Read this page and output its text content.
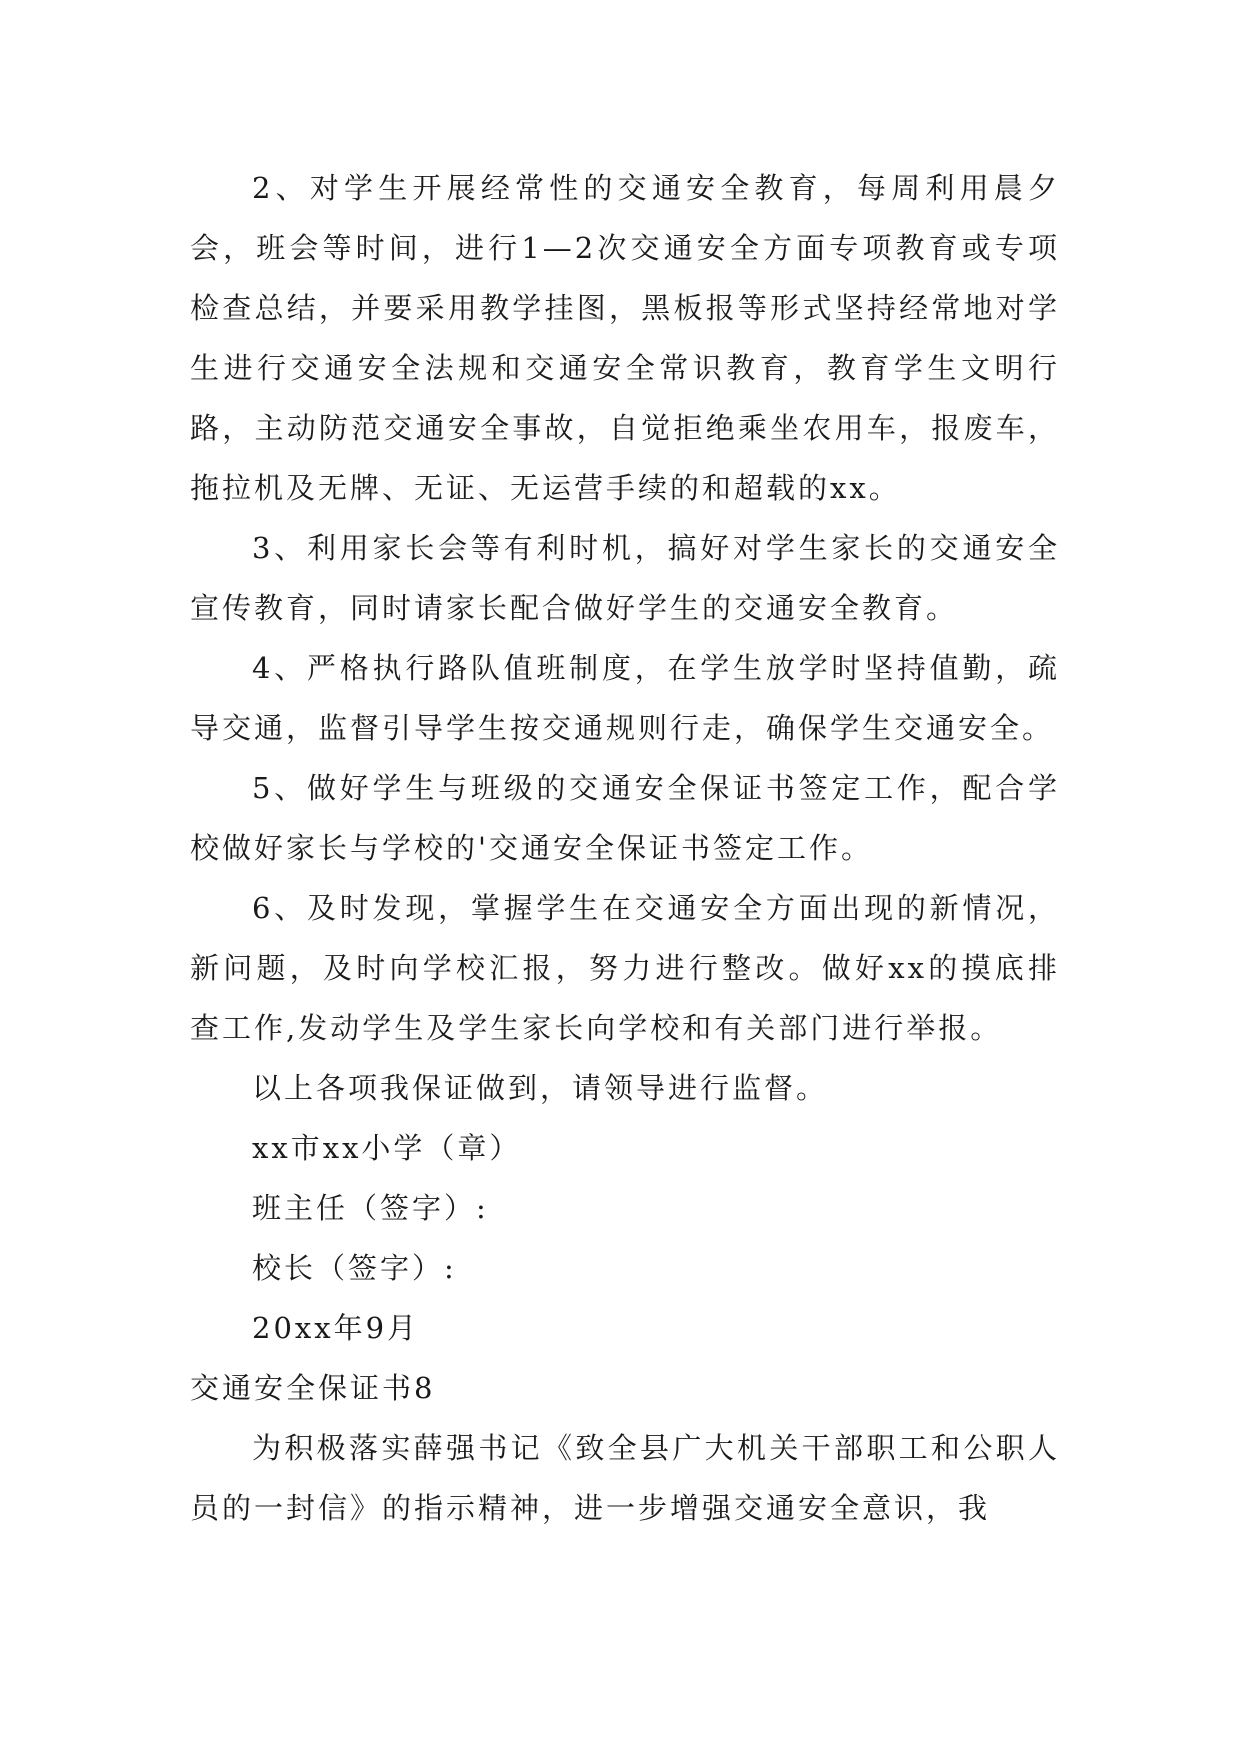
2、对学生开展经常性的交通安全教育，每周利用晨夕会，班会等时间，进行1—2次交通安全方面专项教育或专项检查总结，并要采用教学挂图，黑板报等形式坚持经常地对学生进行交通安全法规和交通安全常识教育，教育学生文明行路，主动防范交通安全事故，自觉拒绝乘坐农用车，报废车，拖拉机及无牌、无证、无运营手续的和超载的xx。

3、利用家长会等有利时机，搞好对学生家长的交通安全宣传教育，同时请家长配合做好学生的交通安全教育。

4、严格执行路队值班制度，在学生放学时坚持值勤，疏导交通，监督引导学生按交通规则行走，确保学生交通安全。

5、做好学生与班级的交通安全保证书签定工作，配合学校做好家长与学校的'交通安全保证书签定工作。

6、及时发现，掌握学生在交通安全方面出现的新情况，新问题，及时向学校汇报，努力进行整改。做好xx的摸底排查工作,发动学生及学生家长向学校和有关部门进行举报。

以上各项我保证做到，请领导进行监督。

xx市xx小学（章）

班主任（签字）:

校长（签字）:

20xx年9月

交通安全保证书8

为积极落实薛强书记《致全县广大机关干部职工和公职人员的一封信》的指示精神，进一步增强交通安全意识，我
